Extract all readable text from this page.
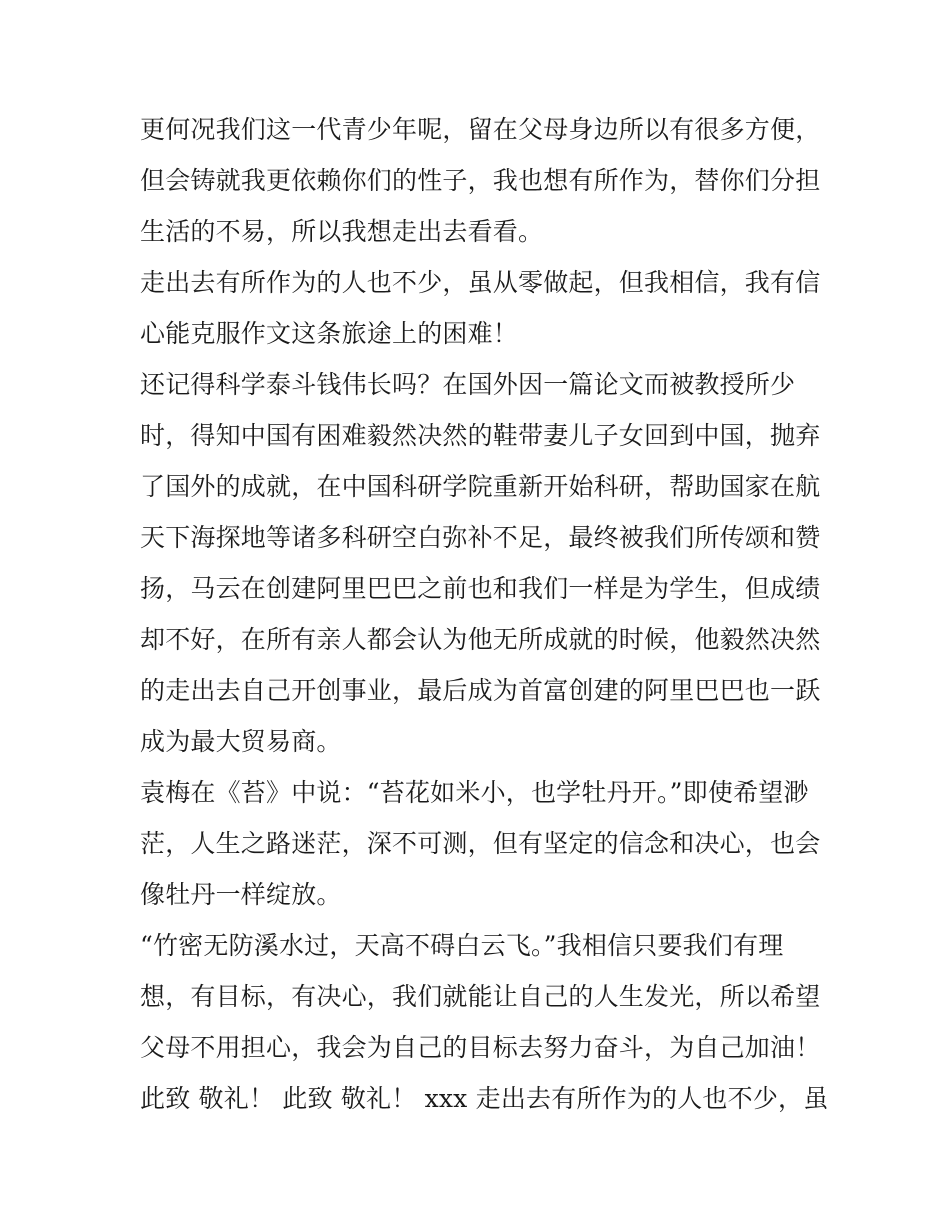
更何况我们这一代青少年呢，留在父母身边所以有很多方便，
但会铸就我更依赖你们的性子，我也想有所作为，替你们分担
生活的不易，所以我想走出去看看。
走出去有所作为的人也不少，虽从零做起，但我相信，我有信
心能克服作文这条旅途上的困难！
还记得科学泰斗钱伟长吗？在国外因一篇论文而被教授所少
时，得知中国有困难毅然决然的鞋带妻儿子女回到中国，抛弃
了国外的成就，在中国科研学院重新开始科研，帮助国家在航
天下海探地等诸多科研空白弥补不足，最终被我们所传颂和赞
扬，马云在创建阿里巴巴之前也和我们一样是为学生，但成绩
却不好，在所有亲人都会认为他无所成就的时候，他毅然决然
的走出去自己开创事业，最后成为首富创建的阿里巴巴也一跃
成为最大贸易商。
袁梅在《苔》中说：“苔花如米小，也学牡丹开。”即使希望渺
茫，人生之路迷茫，深不可测，但有坚定的信念和决心，也会
像牡丹一样绽放。
“竹密无防溪水过，天高不碍白云飞。”我相信只要我们有理
想，有目标，有决心，我们就能让自己的人生发光，所以希望
父母不用担心，我会为自己的目标去努力奋斗，为自己加油！
此致 敬礼！ 此致 敬礼！ xxx 走出去有所作为的人也不少，虽
